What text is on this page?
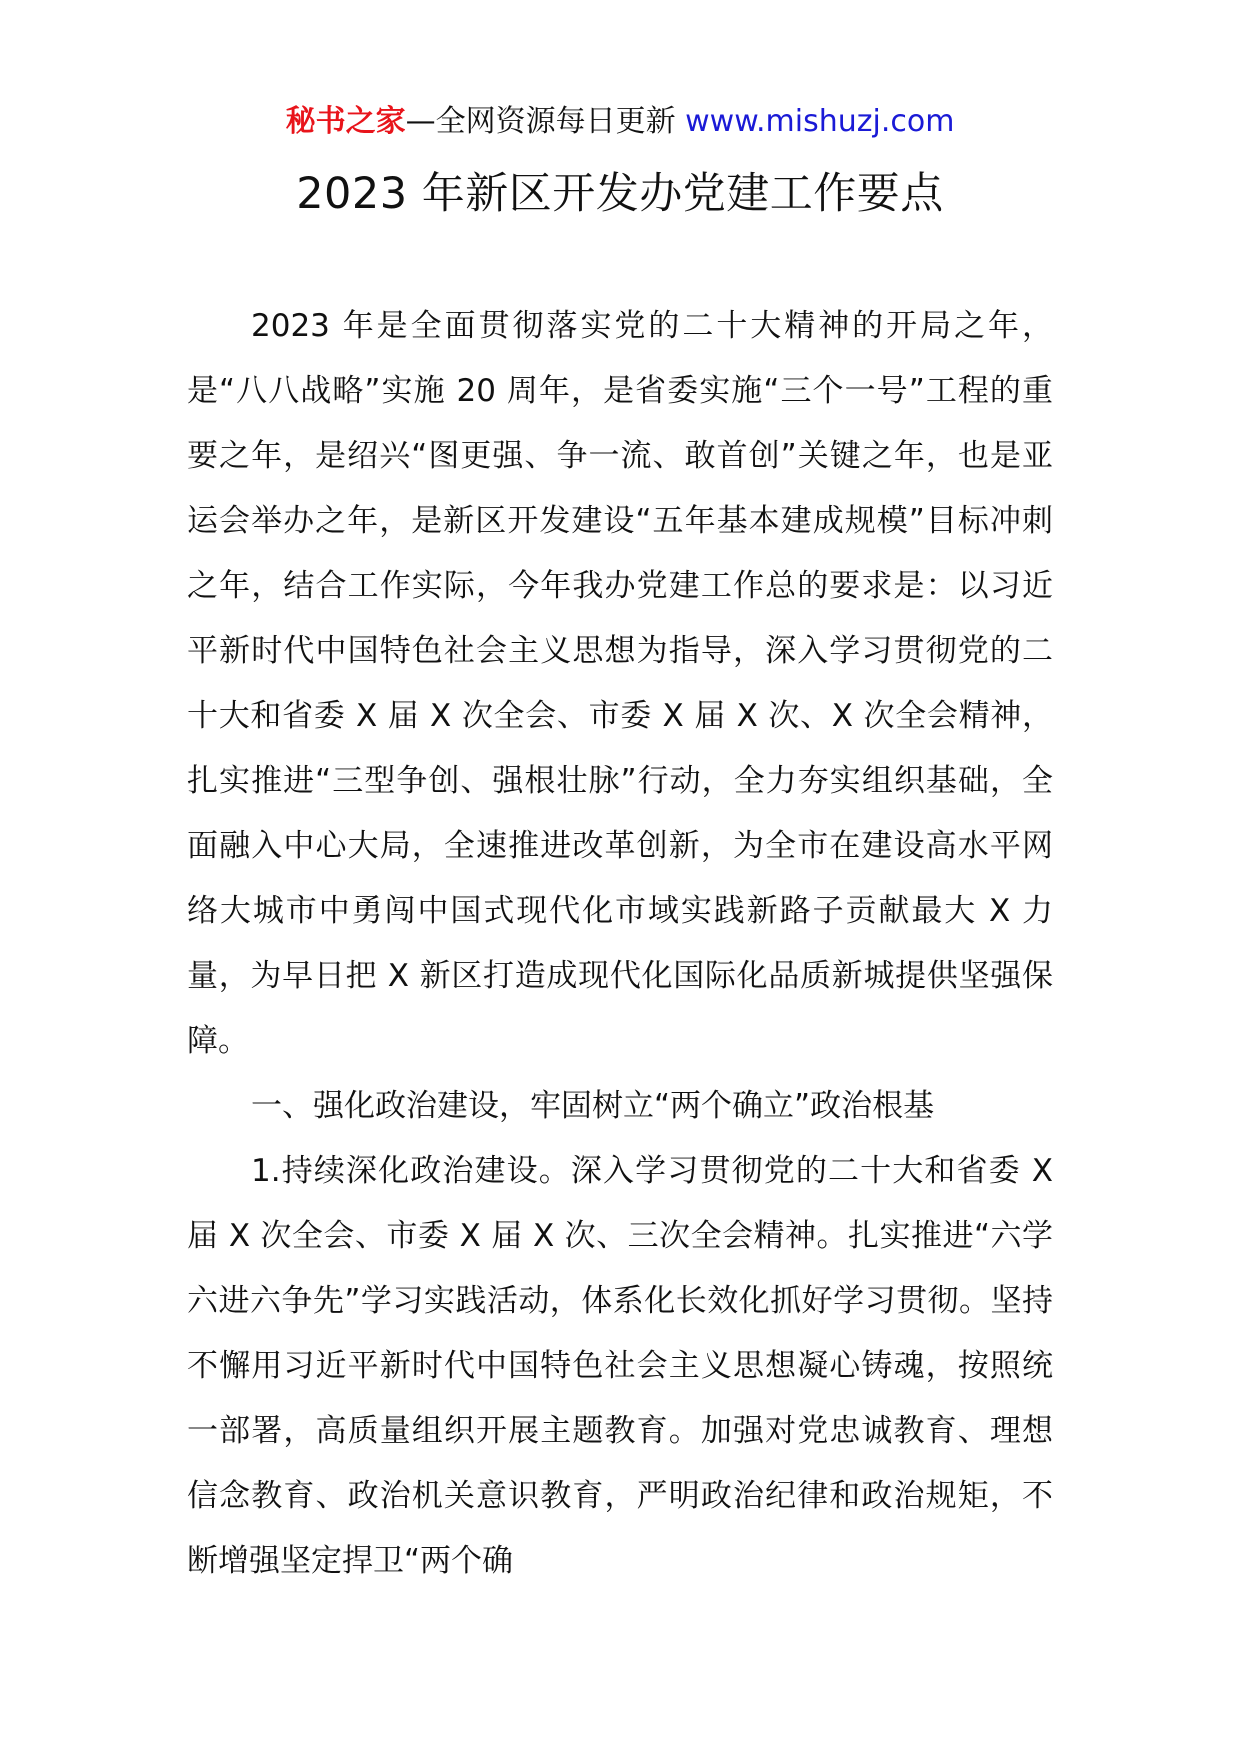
秘书之家—全网资源每日更新 www.mishuzj.com
2023 年新区开发办党建工作要点

2023 年是全面贯彻落实党的二十大精神的开局之年，是“八八战略”实施 20 周年，是省委实施“三个一号”工程的重要之年，是绍兴“图更强、争一流、敢首创”关键之年，也是亚运会举办之年，是新区开发建设“五年基本建成规模”目标冲刺之年，结合工作实际，今年我办党建工作总的要求是：以习近平新时代中国特色社会主义思想为指导，深入学习贯彻党的二十大和省委 X 届 X 次全会、市委 X 届 X 次、X 次全会精神，扎实推进“三型争创、强根壮脉”行动，全力夯实组织基础，全面融入中心大局，全速推进改革创新，为全市在建设高水平网络大城市中勇闯中国式现代化市域实践新路子贡献最大 X 力量，为早日把 X 新区打造成现代化国际化品质新城提供坚强保障。

一、强化政治建设，牢固树立“两个确立”政治根基

1.持续深化政治建设。深入学习贯彻党的二十大和省委 X 届 X 次全会、市委 X 届 X 次、三次全会精神。扎实推进“六学六进六争先”学习实践活动，体系化长效化抓好学习贯彻。坚持不懈用习近平新时代中国特色社会主义思想凝心铸魂，按照统一部署，高质量组织开展主题教育。加强对党忠诚教育、理想信念教育、政治机关意识教育，严明政治纪律和政治规矩，不断增强坚定捍卫“两个确
